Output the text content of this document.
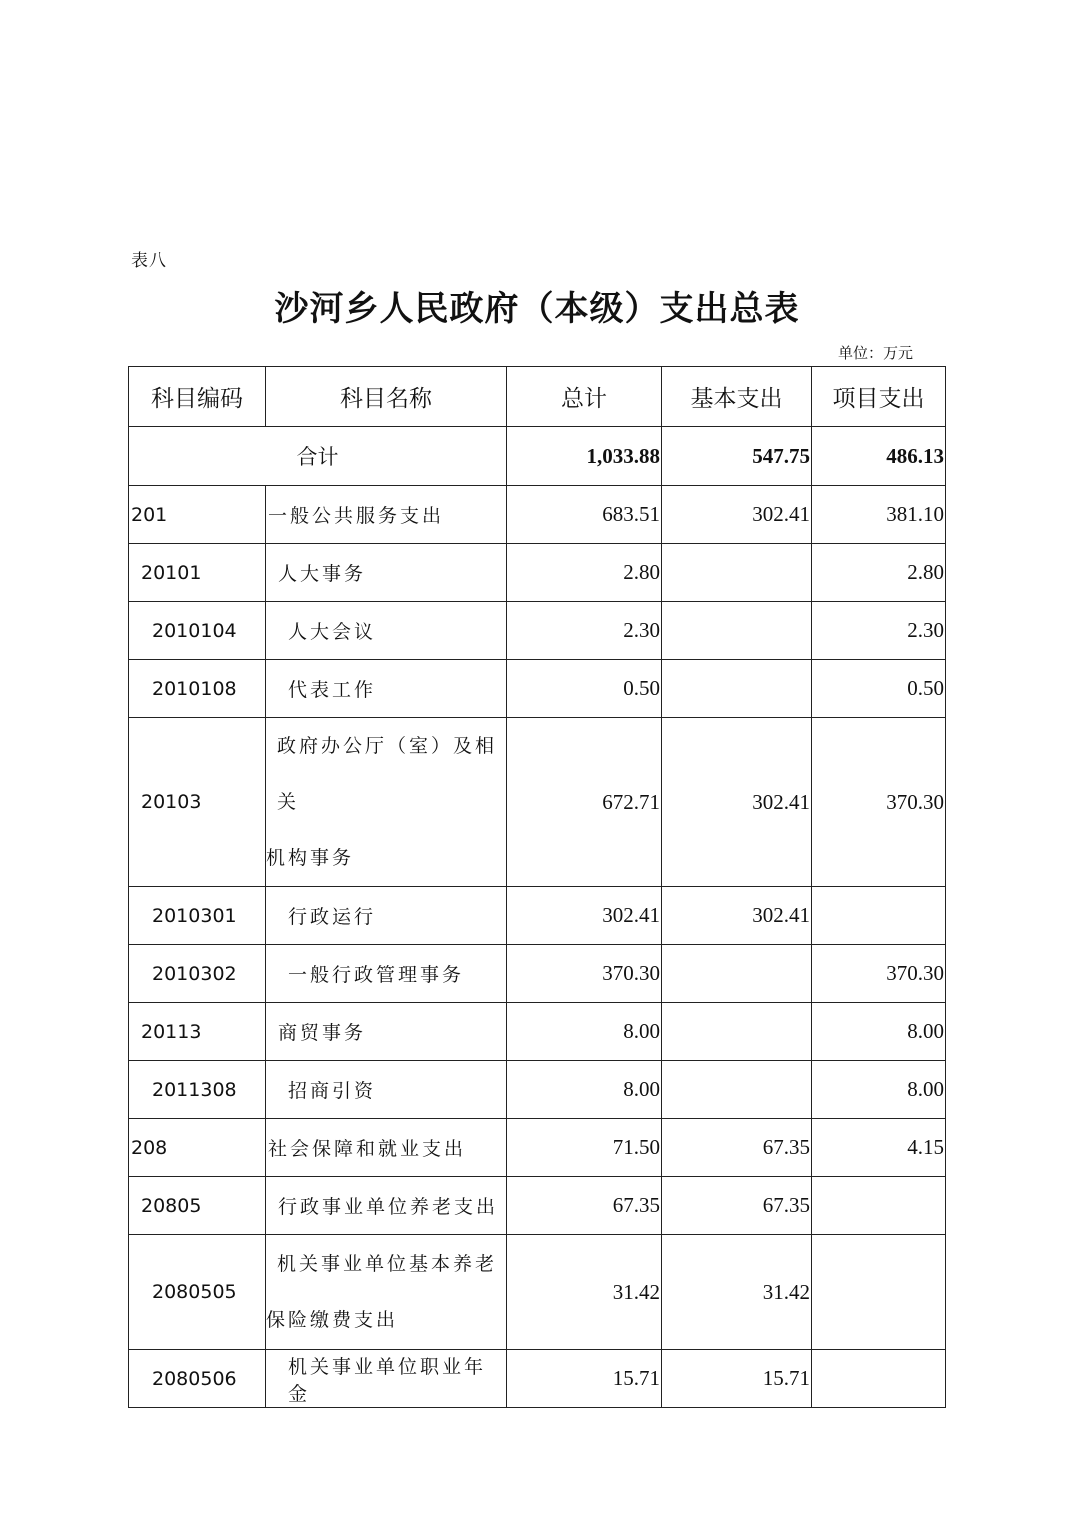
表八
沙河乡人民政府（本级）支出总表
单位：万元
科目编码	科目名称	总计	基本支出	项目支出
合计		1,033.88	547.75	486.13
201	一般公共服务支出	683.51	302.41	381.10
20101	人大事务	2.80		2.80
2010104	人大会议	2.30		2.30
2010108	代表工作	0.50		0.50
20103	政府办公厅（室）及相关
机构事务	672.71	302.41	370.30
2010301	行政运行	302.41	302.41	
2010302	一般行政管理事务	370.30		370.30
20113	商贸事务	8.00		8.00
2011308	招商引资	8.00		8.00
208	社会保障和就业支出	71.50	67.35	4.15
20805	行政事业单位养老支出	67.35	67.35	
2080505	机关事业单位基本养老
保险缴费支出	31.42	31.42	
2080506	机关事业单位职业年金	15.71	15.71	
